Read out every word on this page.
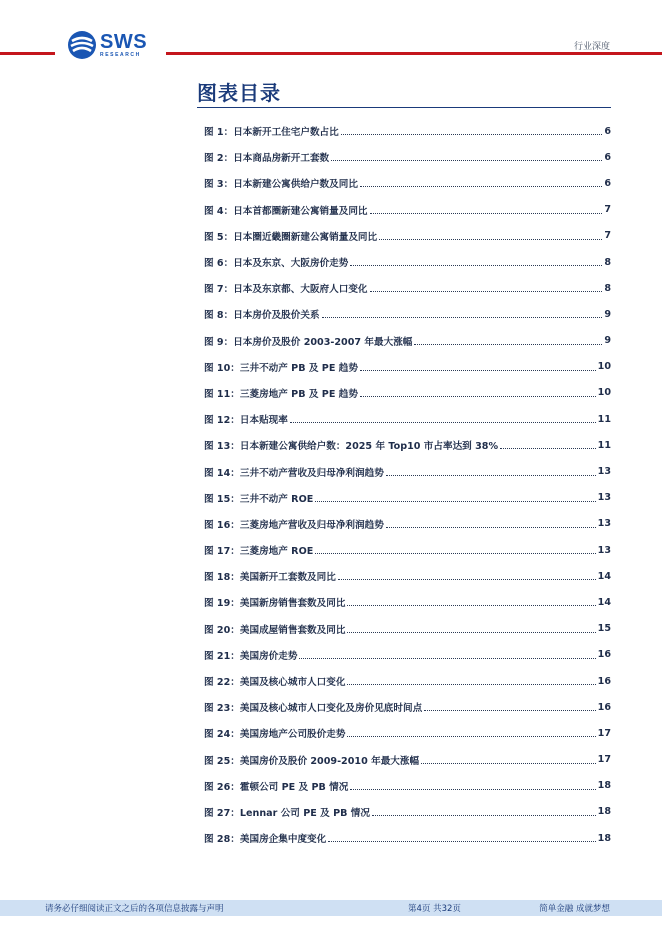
SWS
RESEARCH
行业深度
图表目录
图 1：日本新开工住宅户数占比	6
图 2：日本商品房新开工套数	6
图 3：日本新建公寓供给户数及同比	6
图 4：日本首都圈新建公寓销量及同比	7
图 5：日本圈近畿圈新建公寓销量及同比	7
图 6：日本及东京、大阪房价走势	8
图 7：日本及东京都、大阪府人口变化	8
图 8：日本房价及股价关系	9
图 9：日本房价及股价 2003-2007 年最大涨幅	9
图 10：三井不动产 PB 及 PE 趋势	10
图 11：三菱房地产 PB 及 PE 趋势	10
图 12：日本贴现率	11
图 13：日本新建公寓供给户数：2025 年 Top10 市占率达到 38%	11
图 14：三井不动产营收及归母净利润趋势	13
图 15：三井不动产 ROE	13
图 16：三菱房地产营收及归母净利润趋势	13
图 17：三菱房地产 ROE	13
图 18：美国新开工套数及同比	14
图 19：美国新房销售套数及同比	14
图 20：美国成屋销售套数及同比	15
图 21：美国房价走势	16
图 22：美国及核心城市人口变化	16
图 23：美国及核心城市人口变化及房价见底时间点	16
图 24：美国房地产公司股价走势	17
图 25：美国房价及股价 2009-2010 年最大涨幅	17
图 26：霍顿公司 PE 及 PB 情况	18
图 27：Lennar 公司 PE 及 PB 情况	18
图 28：美国房企集中度变化	18
请务必仔细阅读正文之后的各项信息披露与声明	第4页 共32页	简单金融 成就梦想
